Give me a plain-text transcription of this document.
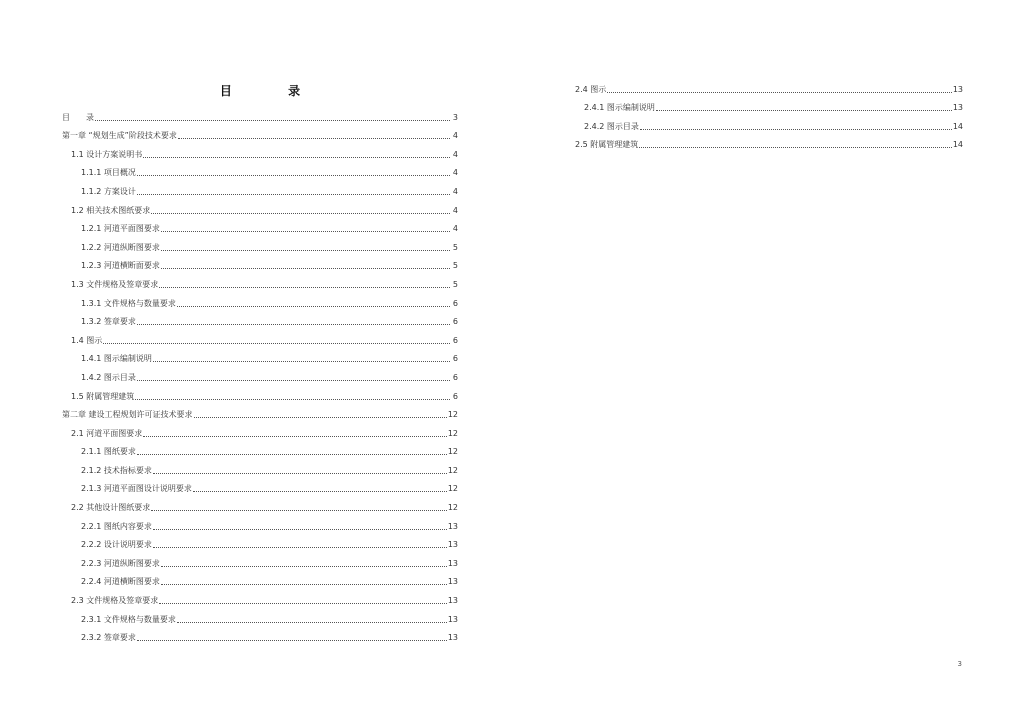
目 录
目　　录	3
第一章 “规划生成”阶段技术要求	4
1.1 设计方案说明书	4
1.1.1 项目概况	4
1.1.2 方案设计	4
1.2 相关技术图纸要求	4
1.2.1 河道平面图要求	4
1.2.2 河道纵断图要求	5
1.2.3 河道横断面要求	5
1.3 文件规格及签章要求	5
1.3.1 文件规格与数量要求	6
1.3.2 签章要求	6
1.4 图示	6
1.4.1 图示编制说明	6
1.4.2 图示目录	6
1.5 附属管理建筑	6
第二章 建设工程规划许可证技术要求	12
2.1 河道平面图要求	12
2.1.1 图纸要求	12
2.1.2 技术指标要求	12
2.1.3 河道平面图设计说明要求	12
2.2 其他设计图纸要求	12
2.2.1 图纸内容要求	13
2.2.2 设计说明要求	13
2.2.3 河道纵断图要求	13
2.2.4 河道横断图要求	13
2.3 文件规格及签章要求	13
2.3.1 文件规格与数量要求	13
2.3.2 签章要求	13
2.4 图示	13
2.4.1 图示编制说明	13
2.4.2 图示目录	14
2.5 附属管理建筑	14
3
